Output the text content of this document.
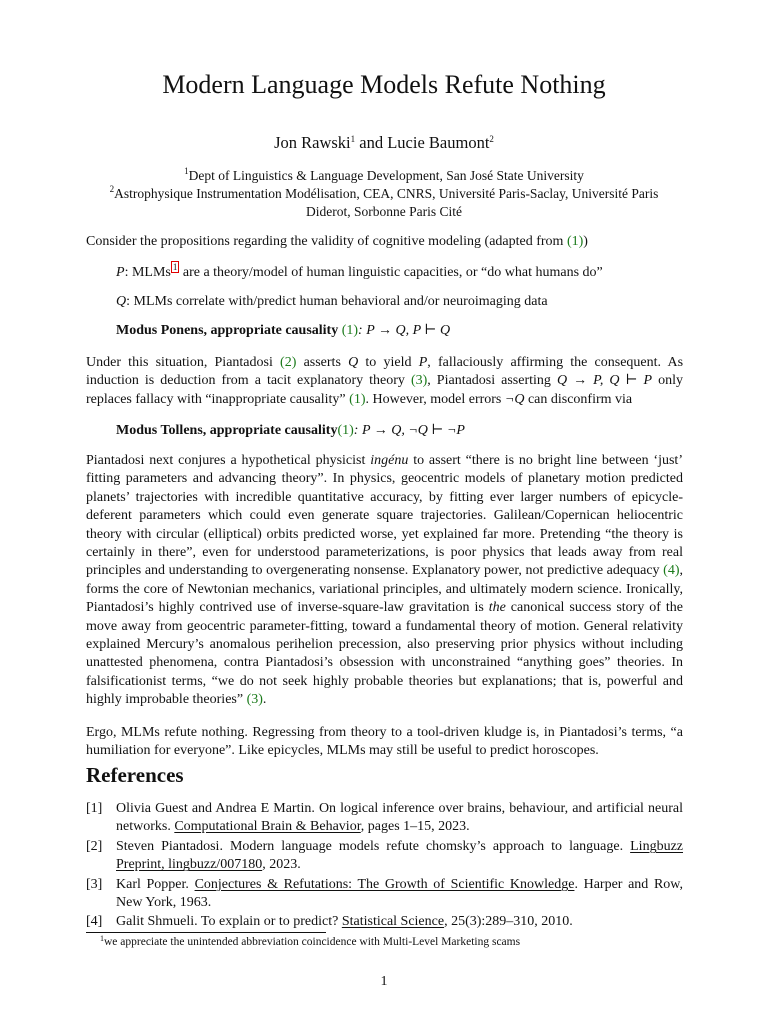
Modern Language Models Refute Nothing
Jon Rawski$^1$ and Lucie Baumont$^2$
$^1$Dept of Linguistics & Language Development, San José State University
$^2$Astrophysique Instrumentation Modélisation, CEA, CNRS, Université Paris-Saclay, Université Paris
Diderot, Sorbonne Paris Cité
Consider the propositions regarding the validity of cognitive modeling (adapted from (1))
P: MLMs $^1$ are a theory/model of human linguistic capacities, or “do what humans do”
Q: MLMs correlate with/predict human behavioral and/or neuroimaging data
Modus Ponens, appropriate causality (1): P → Q, P ⊢ Q
Under this situation, Piantadosi (2) asserts Q to yield P, fallaciously affirming the consequent. As induction is deduction from a tacit explanatory theory (3), Piantadosi asserting Q → P, Q ⊢ P only replaces fallacy with “inappropriate causality” (1). However, model errors ¬Q can disconfirm via
Modus Tollens, appropriate causality(1): P → Q, ¬Q ⊢ ¬P
Piantadosi next conjures a hypothetical physicist ingénu to assert “there is no bright line between ‘just’ fitting parameters and advancing theory”. In physics, geocentric models of planetary motion predicted planets’ trajectories with incredible quantitative accuracy, by fitting ever larger numbers of epicycle-deferent parameters which could even generate square trajectories. Galilean/Copernican heliocentric theory with circular (elliptical) orbits predicted worse, yet explained far more. Pretending “the theory is certainly in there”, even for understood parameterizations, is poor physics that leads away from real principles and understanding to overgenerating nonsense. Explanatory power, not predictive adequacy (4), forms the core of Newtonian mechanics, variational principles, and ultimately modern science. Ironically, Piantadosi’s highly contrived use of inverse-square-law gravitation is the canonical success story of the move away from geocentric parameter-fitting, toward a fundamental theory of motion. General relativity explained Mercury’s anomalous perihelion precession, also preserving prior physics without including unattested phenomena, contra Piantadosi’s obsession with unconstrained “anything goes” theories. In falsificationist terms, “we do not seek highly probable theories but explanations; that is, powerful and highly improbable theories” (3).
Ergo, MLMs refute nothing. Regressing from theory to a tool-driven kludge is, in Piantadosi’s terms, “a humiliation for everyone”. Like epicycles, MLMs may still be useful to predict horoscopes.
References
[1] Olivia Guest and Andrea E Martin. On logical inference over brains, behaviour, and artificial neural networks. Computational Brain & Behavior, pages 1–15, 2023.
[2] Steven Piantadosi. Modern language models refute chomsky’s approach to language. Lingbuzz Preprint, lingbuzz/007180, 2023.
[3] Karl Popper. Conjectures & Refutations: The Growth of Scientific Knowledge. Harper and Row, New York, 1963.
[4] Galit Shmueli. To explain or to predict? Statistical Science, 25(3):289–310, 2010.
$^1$we appreciate the unintended abbreviation coincidence with Multi-Level Marketing scams
1
